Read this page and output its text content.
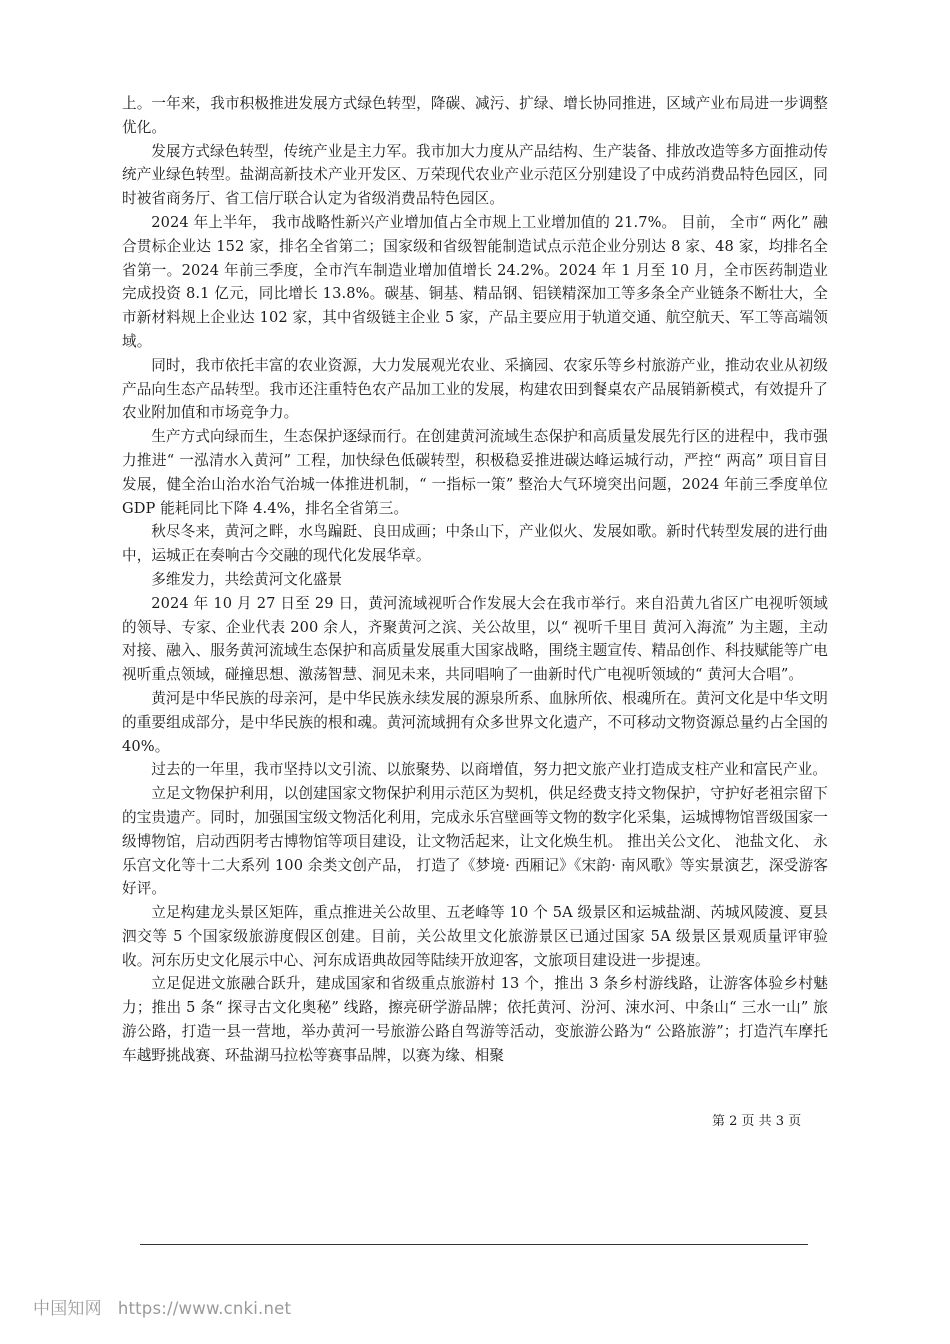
上。一年来，我市积极推进发展方式绿色转型，降碳、减污、扩绿、增长协同推进，区域产业布局进一步调整优化。

发展方式绿色转型，传统产业是主力军。我市加大力度从产品结构、生产装备、排放改造等多方面推动传统产业绿色转型。盐湖高新技术产业开发区、万荣现代农业产业示范区分别建设了中成药消费品特色园区，同时被省商务厅、省工信厅联合认定为省级消费品特色园区。

2024 年上半年， 我市战略性新兴产业增加值占全市规上工业增加值的 21.7%。 目前， 全市“ 两化” 融合贯标企业达 152 家，排名全省第二；国家级和省级智能制造试点示范企业分别达 8 家、48 家，均排名全省第一。2024 年前三季度，全市汽车制造业增加值增长 24.2%。2024 年 1 月至 10 月，全市医药制造业完成投资 8.1 亿元，同比增长 13.8%。碳基、铜基、精品钢、铝镁精深加工等多条全产业链条不断壮大，全市新材料规上企业达 102 家，其中省级链主企业 5 家，产品主要应用于轨道交通、航空航天、军工等高端领域。

同时，我市依托丰富的农业资源，大力发展观光农业、采摘园、农家乐等乡村旅游产业，推动农业从初级产品向生态产品转型。我市还注重特色农产品加工业的发展，构建农田到餐桌农产品展销新模式，有效提升了农业附加值和市场竞争力。

生产方式向绿而生，生态保护逐绿而行。在创建黄河流域生态保护和高质量发展先行区的进程中，我市强力推进“ 一泓清水入黄河” 工程，加快绿色低碳转型，积极稳妥推进碳达峰运城行动，严控“ 两高” 项目盲目发展，健全治山治水治气治城一体推进机制，“ 一指标一策” 整治大气环境突出问题，2024 年前三季度单位 GDP 能耗同比下降 4.4%，排名全省第三。

秋尽冬来，黄河之畔，水鸟蹁跹、良田成画；中条山下，产业似火、发展如歌。新时代转型发展的进行曲中，运城正在奏响古今交融的现代化发展华章。

多维发力，共绘黄河文化盛景

2024 年 10 月 27 日至 29 日，黄河流域视听合作发展大会在我市举行。来自沿黄九省区广电视听领域的领导、专家、企业代表 200 余人，齐聚黄河之滨、关公故里，以“ 视听千里目 黄河入海流” 为主题，主动对接、融入、服务黄河流域生态保护和高质量发展重大国家战略，围绕主题宣传、精品创作、科技赋能等广电视听重点领域，碰撞思想、激荡智慧、洞见未来，共同唱响了一曲新时代广电视听领域的“ 黄河大合唱”。

黄河是中华民族的母亲河，是中华民族永续发展的源泉所系、血脉所依、根魂所在。黄河文化是中华文明的重要组成部分，是中华民族的根和魂。黄河流域拥有众多世界文化遗产，不可移动文物资源总量约占全国的 40%。

过去的一年里，我市坚持以文引流、以旅聚势、以商增值，努力把文旅产业打造成支柱产业和富民产业。

立足文物保护利用，以创建国家文物保护利用示范区为契机，供足经费支持文物保护，守护好老祖宗留下的宝贵遗产。同时，加强国宝级文物活化利用，完成永乐宫壁画等文物的数字化采集，运城博物馆晋级国家一级博物馆，启动西阴考古博物馆等项目建设，让文物活起来，让文化焕生机。 推出关公文化、 池盐文化、 永乐宫文化等十二大系列 100 余类文创产品， 打造了《梦境· 西厢记》《宋韵· 南风歌》等实景演艺，深受游客好评。

立足构建龙头景区矩阵，重点推进关公故里、五老峰等 10 个 5A 级景区和运城盐湖、芮城风陵渡、夏县泗交等 5 个国家级旅游度假区创建。目前，关公故里文化旅游景区已通过国家 5A 级景区景观质量评审验收。河东历史文化展示中心、河东成语典故园等陆续开放迎客，文旅项目建设进一步提速。

立足促进文旅融合跃升，建成国家和省级重点旅游村 13 个，推出 3 条乡村游线路，让游客体验乡村魅力；推出 5 条“ 探寻古文化奥秘” 线路，擦亮研学游品牌；依托黄河、汾河、涑水河、中条山“ 三水一山” 旅游公路，打造一县一营地，举办黄河一号旅游公路自驾游等活动，变旅游公路为“ 公路旅游”；打造汽车摩托车越野挑战赛、环盐湖马拉松等赛事品牌，以赛为缘、相聚

第 2 页 共 3 页
中国知网 https://www.cnki.net
